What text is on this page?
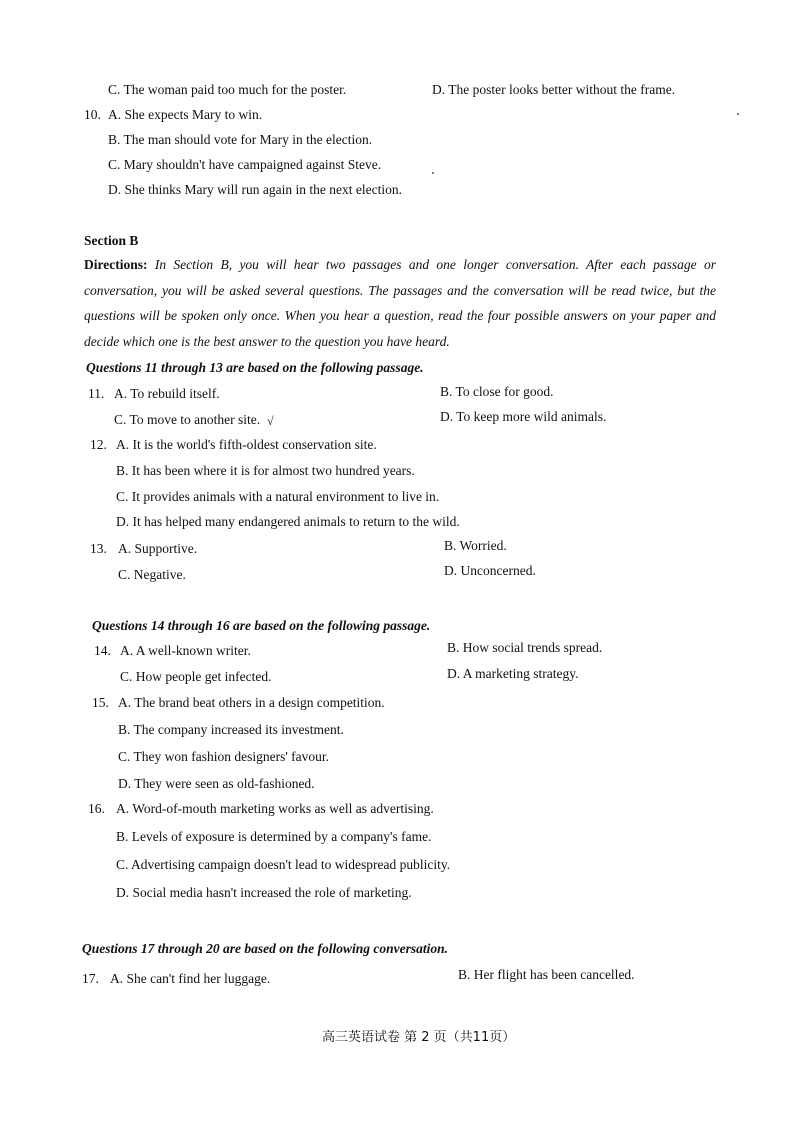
C. The woman paid too much for the poster.	D. The poster looks better without the frame.
10. A. She expects Mary to win.
B. The man should vote for Mary in the election.
C. Mary shouldn't have campaigned against Steve.
D. She thinks Mary will run again in the next election.
Section B
Directions: In Section B, you will hear two passages and one longer conversation. After each passage or conversation, you will be asked several questions. The passages and the conversation will be read twice, but the questions will be spoken only once. When you hear a question, read the four possible answers on your paper and decide which one is the best answer to the question you have heard.
Questions 11 through 13 are based on the following passage.
11. A. To rebuild itself.	B. To close for good.
C. To move to another site. √	D. To keep more wild animals.
12. A. It is the world's fifth-oldest conservation site.
B. It has been where it is for almost two hundred years.
C. It provides animals with a natural environment to live in.
D. It has helped many endangered animals to return to the wild.
13. A. Supportive.	B. Worried.
C. Negative.	D. Unconcerned.
Questions 14 through 16 are based on the following passage.
14. A. A well-known writer.	B. How social trends spread.
C. How people get infected.	D. A marketing strategy.
15. A. The brand beat others in a design competition.
B. The company increased its investment.
C. They won fashion designers' favour.
D. They were seen as old-fashioned.
16. A. Word-of-mouth marketing works as well as advertising.
B. Levels of exposure is determined by a company's fame.
C. Advertising campaign doesn't lead to widespread publicity.
D. Social media hasn't increased the role of marketing.
Questions 17 through 20 are based on the following conversation.
17. A. She can't find her luggage.	B. Her flight has been cancelled.
高三英语试卷 第 2 页（共11页）
